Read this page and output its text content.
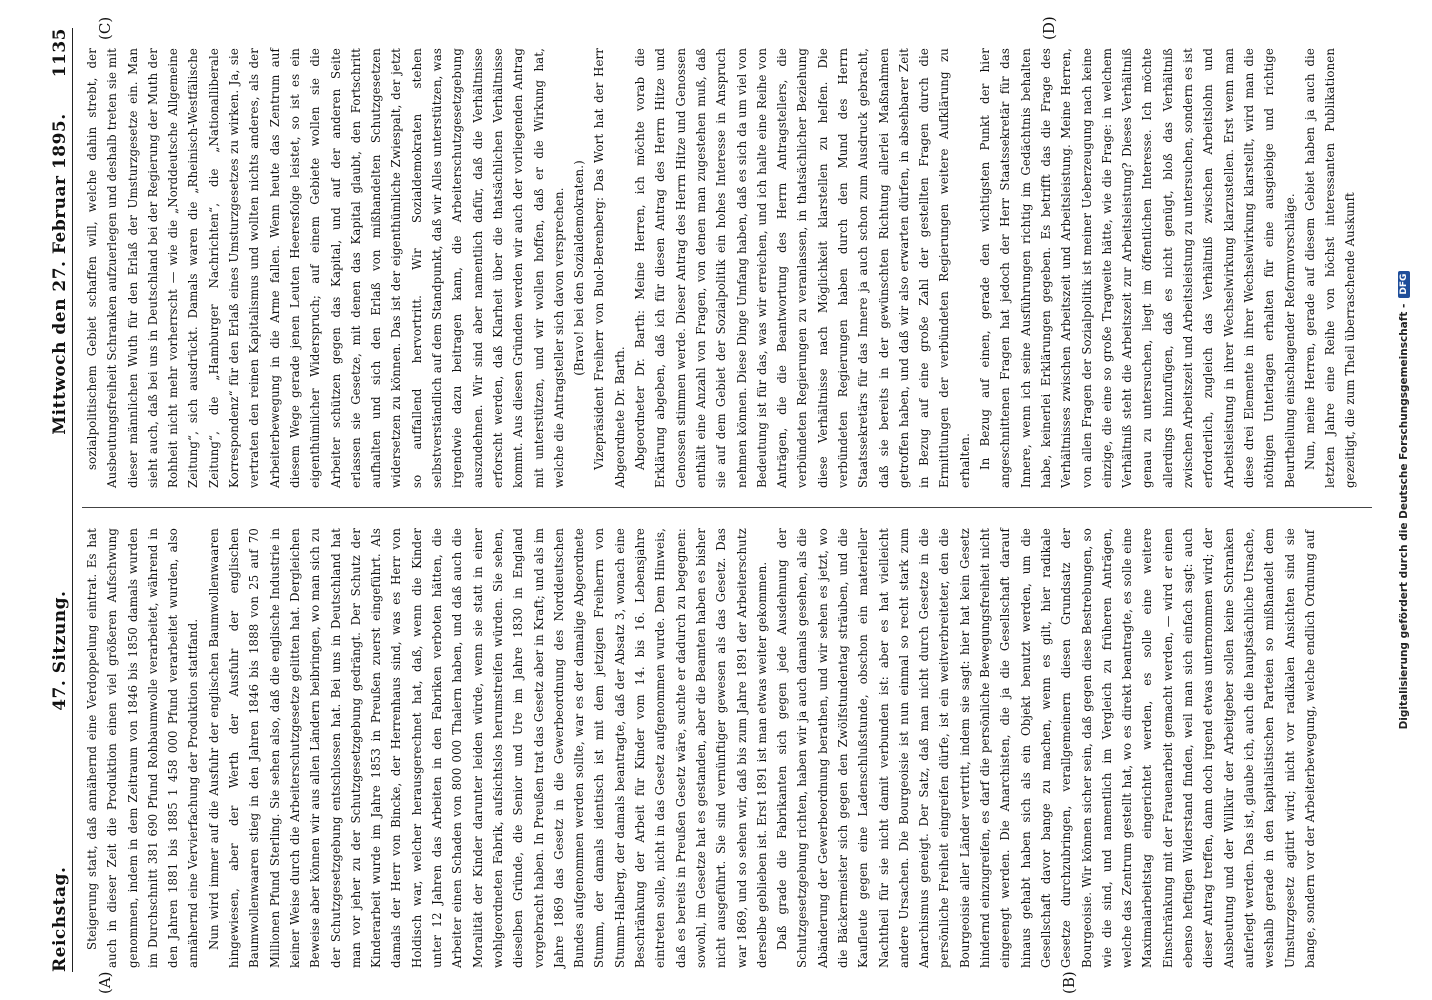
Reichstag.
47. Sitzung.
Mittwoch den 27. Februar 1895.
1135

Steigerung statt, daß annähernd eine Verdoppelung eintrat. Es hat auch in dieser Zeit die Produktion einen viel größeren Aufschwung genommen, indem in dem Zeitraum von 1846 bis 1850 damals wurden im Durchschnitt 381 690 Pfund Rohbaumwolle verarbeitet, während in den Jahren 1881 bis 1885 1 458 000 Pfund verarbeitet wurden, also annähernd eine Vervierfachung der Produktion stattfand. Nun wird immer auf die Ausfuhr der englischen Baumwollenwaaren hingewiesen, aber der Werth der Ausfuhr der englischen Baumwollenwaaren stieg in den Jahren 1846 bis 1888 von 25 auf 70 Millionen Pfund Sterling. Sie sehen also, daß die englische Industrie in keiner Weise durch die Arbeiterschutzgesetze gelitten hat. Dergleichen Beweise aber können wir aus allen Ländern beibringen, wo man sich zu der Schutzgesetzgebung entschlossen hat. Bei uns in Deutschland hat man vor jeher zu der Schutzgesetzgebung gedrängt. Der Schutz der Kinderarbeit wurde im Jahre 1853 in Preußen zuerst eingeführt. Als damals der Herr von Bincke, der Herrenhaus sind, was es Herr von Holdisch war, welcher herausgerechnet hat, daß, wenn die Kinder unter 12 Jahren das Arbeiten in den Fabriken verboten hätten, die Arbeiter einen Schaden von 800 000 Thalern haben, und daß auch die Moralität der Kinder darunter leiden würde, wenn sie statt in einer wohlgeordneten Fabrik, aufsichtslos herumstreifen würden. Sie sehen, dieselben Gründe, die Senior und Ure im Jahre 1830 in England vorgebracht haben. In Preußen trat das Gesetz aber in Kraft; und als im Jahre 1869 das Gesetz in die Gewerbeordnung des Norddeutschen Bundes aufgenommen werden sollte, war es der damalige Abgeordnete Stumm, der damals identisch ist mit dem jetzigen Freiherrn von Stumm-Halberg, der damals beantragte, daß der Absatz 3, wonach eine Beschränkung der Arbeit für Kinder vom 14. bis 16. Lebensjahre eintreten solle, nicht in das Gesetz aufgenommen wurde. Dem Hinweis, daß es bereits in Preußen Gesetz wäre, suchte er dadurch zu begegnen: sowohl, im Gesetze hat es gestanden, aber die Beamten haben es bisher nicht ausgeführt. Sie sind vernünftiger gewesen als das Gesetz. Das war 1869, und so sehen wir, daß bis zum Jahre 1891 der Arbeiterschutz derselbe geblieben ist. Erst 1891 ist man etwas weiter gekommen. Daß grade die Fabrikanten sich gegen jede Ausdehnung der Schutzgesetzgebung richten, haben wir ja auch damals gesehen, als die Abänderung der Gewerbeordnung berathen, und wir sehen es jetzt, wo die Bäckermeister sich gegen den Zwölfstundentag sträuben, und die Kaufleute gegen eine Ladenschlußstunde, obschon ein materieller Nachtheil für sie nicht damit verbunden ist: aber es hat vielleicht andere Ursachen. Die Bourgeoisie ist nun einmal so recht stark zum Anarchismus geneigt. Der Satz, daß man nicht durch Gesetze in die persönliche Freiheit eingreifen dürfe, ist ein weitverbreiteter, den die Bourgeoisie aller Länder vertritt, indem sie sagt: hier hat kein Gesetz hindernd einzugreifen, es darf die persönliche Bewegungsfreiheit nicht eingeengt werden. Die Anarchisten, die ja die Gesellschaft darauf hinaus gehabt haben sich als ein Objekt benutzt werden, um die Gesellschaft davor bange zu machen, wenn es gilt, hier radikale Gesetze durchzubringen, verallgemeinern diesen Grundsatz der Bourgeoisie. Wir können sicher sein, daß gegen diese Bestrebungen, so wie die sind, und namentlich im Vergleich zu früheren Anträgen, welche das Zentrum gestellt hat, wo es direkt beantragte, es solle eine Maximalarbeitstag eingerichtet werden, es solle eine weitere Einschränkung mit der Frauenarbeit gemacht werden, — wird er einen ebenso heftigen Widerstand finden, weil man sich einfach sagt: auch dieser Antrag treffen, dann doch irgend etwas unternommen wird; der Ausbeutung und der Willkür der Arbeitgeber sollen keine Schranken auferlegt werden. Das ist, glaube ich, auch die hauptsächliche Ursache, weshalb gerade in den kapitalistischen Parteien so mißhandelt dem Umsturzgesetz agitirt wird; nicht vor radikalen Ansichten sind sie bange, sondern vor der Arbeiterbewegung, welche endlich Ordnung auf

sozialpolitischem Gebiet schaffen will, welche dahin strebt, der Ausbeutungsfreiheit Schranken aufzuerlegen und deshalb treten sie mit dieser männlichen Wuth für den Erlaß der Umsturzgesetze ein. Man sieht auch, daß bei uns in Deutschland bei der Regierung der Muth der Rohheit nicht mehr vorherrscht — wie die „Norddeutsche Allgemeine Zeitung“, sich ausdrückt. Damals waren die „Rheinisch-Westfälische Zeitung“, die „Hamburger Nachrichten“, die „Nationalliberale Korrespondenz“ für den Erlaß eines Umsturzgesetzes zu wirken. Ja, sie vertraten den reinen Kapitalismus und wollten nichts anderes, als der Arbeiterbewegung in die Arme fallen. Wenn heute das Zentrum auf diesem Wege gerade jenen Leuten Heeresfolge leistet, so ist es ein eigenthümlicher Widerspruch; auf einem Gebiete wollen sie die Arbeiter schützen gegen das Kapital, und auf der anderen Seite erlassen sie Gesetze, mit denen das Kapital glaubt, den Fortschritt aufhalten und sich den Erlaß von mißhandelten Schutzgesetzen widersetzen zu können. Das ist der eigenthümliche Zwiespalt, der jetzt so auffallend hervortritt. Wir Sozialdemokraten stehen selbstverständlich auf dem Standpunkt, daß wir Alles unterstützen, was irgendwie dazu beitragen kann, die Arbeiterschutzgesetzgebung auszudehnen. Wir sind aber namentlich dafür, daß die Verhältnisse erforscht werden, daß Klarheit über die thatsächlichen Verhältnisse kommt. Aus diesen Gründen werden wir auch der vorliegenden Antrag mit unterstützen, und wir wollen hoffen, daß er die Wirkung hat, welche die Antragsteller sich davon versprechen. (Bravo! bei den Sozialdemokraten.) Vizepräsident Freiherr von Buol-Berenberg: Das Wort hat der Herr Abgeordnete Dr. Barth. Abgeordneter Dr. Barth: Meine Herren, ich möchte vorab die Erklärung abgeben, daß ich für diesen Antrag des Herrn Hitze und Genossen stimmen werde. Dieser Antrag des Herrn Hitze und Genossen enthält eine Anzahl von Fragen, von denen man zugestehen muß, daß sie auf dem Gebiet der Sozialpolitik ein hohes Interesse in Anspruch nehmen können. Diese Dinge Umfang haben, daß es sich da um viel von Bedeutung ist für das, was wir erreichen, und ich halte eine Reihe von Anträgen, die die Beantwortung des Herrn Antragstellers, die verbündeten Regierungen zu veranlassen, in thatsächlicher Beziehung diese Verhältnisse nach Möglichkeit klarstellen zu helfen. Die verbündeten Regierungen haben durch den Mund des Herrn Staatssekretärs für das Innere ja auch schon zum Ausdruck gebracht, daß sie bereits in der gewünschten Richtung allerlei Maßnahmen getroffen haben, und daß wir also erwarten dürfen, in absehbarer Zeit in Bezug auf eine große Zahl der gestellten Fragen durch die Ermittlungen der verbündeten Regierungen weitere Aufklärung zu erhalten. In Bezug auf einen, gerade den wichtigsten Punkt der hier angeschnittenen Fragen hat jedoch der Herr Staatssekretär für das Innere, wenn ich seine Ausführungen richtig im Gedächtnis behalten habe, keinerlei Erklärungen gegeben. Es betrifft das die Frage des Verhältnisses zwischen Arbeitszeit und Arbeitsleistung. Meine Herren, von allen Fragen der Sozialpolitik ist meiner Ueberzeugung nach keine einzige, die eine so große Tragweite hätte, wie die Frage: in welchem Verhältniß steht die Arbeitszeit zur Arbeitsleistung? Dieses Verhältniß genau zu untersuchen, liegt im öffentlichen Interesse. Ich möchte allerdings hinzufügen, daß es nicht genügt, bloß das Verhältniß zwischen Arbeitszeit und Arbeitsleistung zu untersuchen, sondern es ist erforderlich, zugleich das Verhältniß zwischen Arbeitslohn und Arbeitsleistung in ihrer Wechselwirkung klarzustellen. Erst wenn man diese drei Elemente in ihrer Wechselwirkung klarstellt, wird man die nöthigen Unterlagen erhalten für eine ausgiebige und richtige Beurtheilung einschlagender Reformvorschläge. Nun, meine Herren, gerade auf diesem Gebiet haben ja auch die letzten Jahre eine Reihe von höchst interessanten Publikationen gezeitigt, die zum Theil überraschende Auskunft

(A)	(B)
(C)	(D)
Digitalisierung gefördert durch die Deutsche Forschungsgemeinschaft -
DFG
